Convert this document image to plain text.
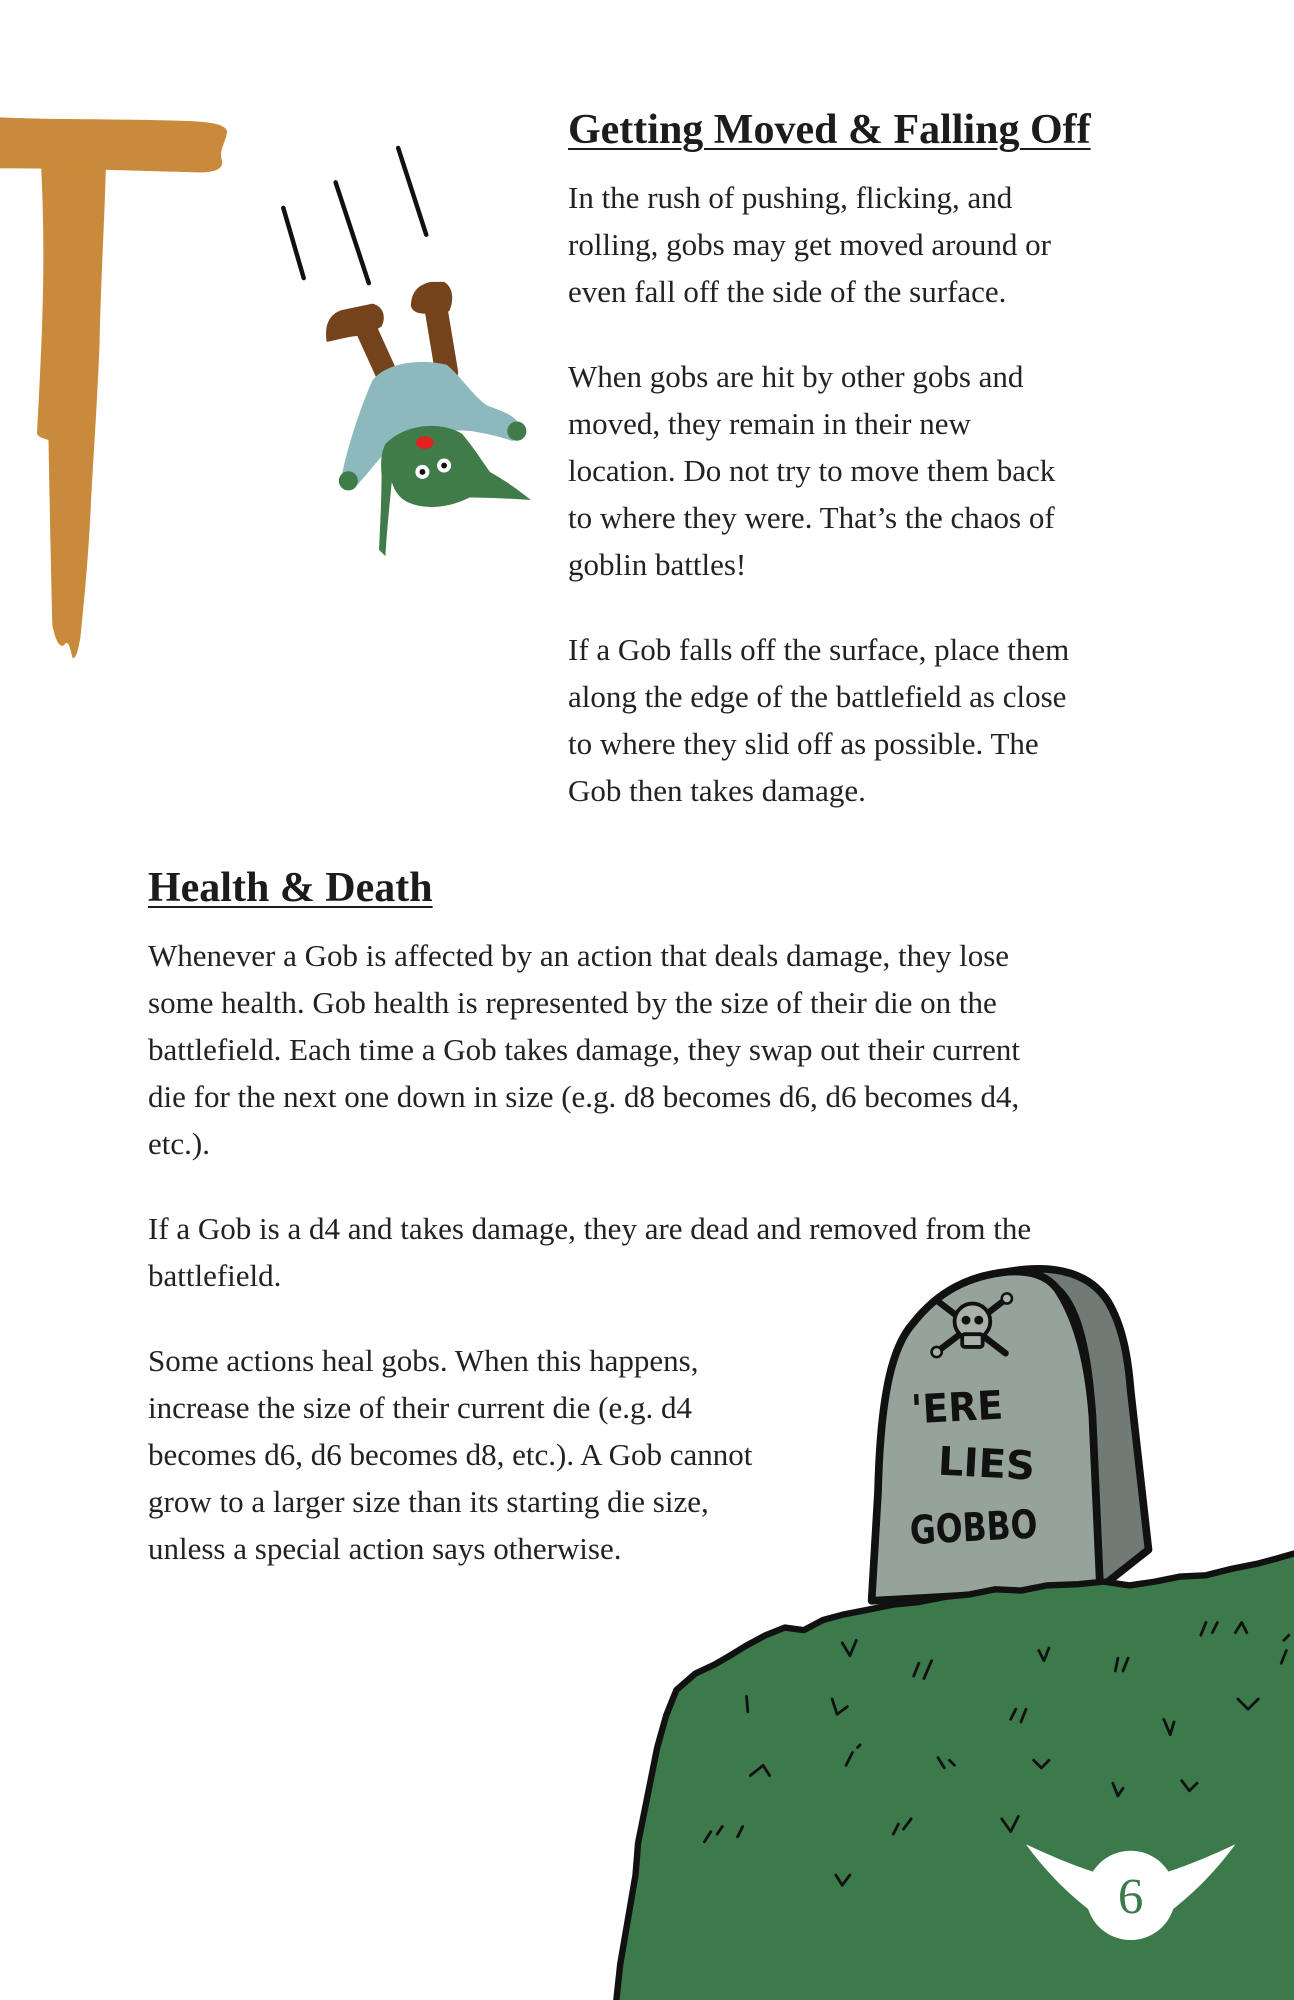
'ERE
LIES
GOBBO
6
Getting Moved & Falling Off
In the rush of pushing, flicking, and
rolling, gobs may get moved around or
even fall off the side of the surface.
When gobs are hit by other gobs and
moved, they remain in their new
location. Do not try to move them back
to where they were. That’s the chaos of
goblin battles!
If a Gob falls off the surface, place them
along the edge of the battlefield as close
to where they slid off as possible. The
Gob then takes damage.
Health & Death
Whenever a Gob is affected by an action that deals damage, they lose
some health. Gob health is represented by the size of their die on the
battlefield. Each time a Gob takes damage, they swap out their current
die for the next one down in size (e.g. d8 becomes d6, d6 becomes d4,
etc.).
If a Gob is a d4 and takes damage, they are dead and removed from the
battlefield.
Some actions heal gobs. When this happens,
increase the size of their current die (e.g. d4
becomes d6, d6 becomes d8, etc.). A Gob cannot
grow to a larger size than its starting die size,
unless a special action says otherwise.
